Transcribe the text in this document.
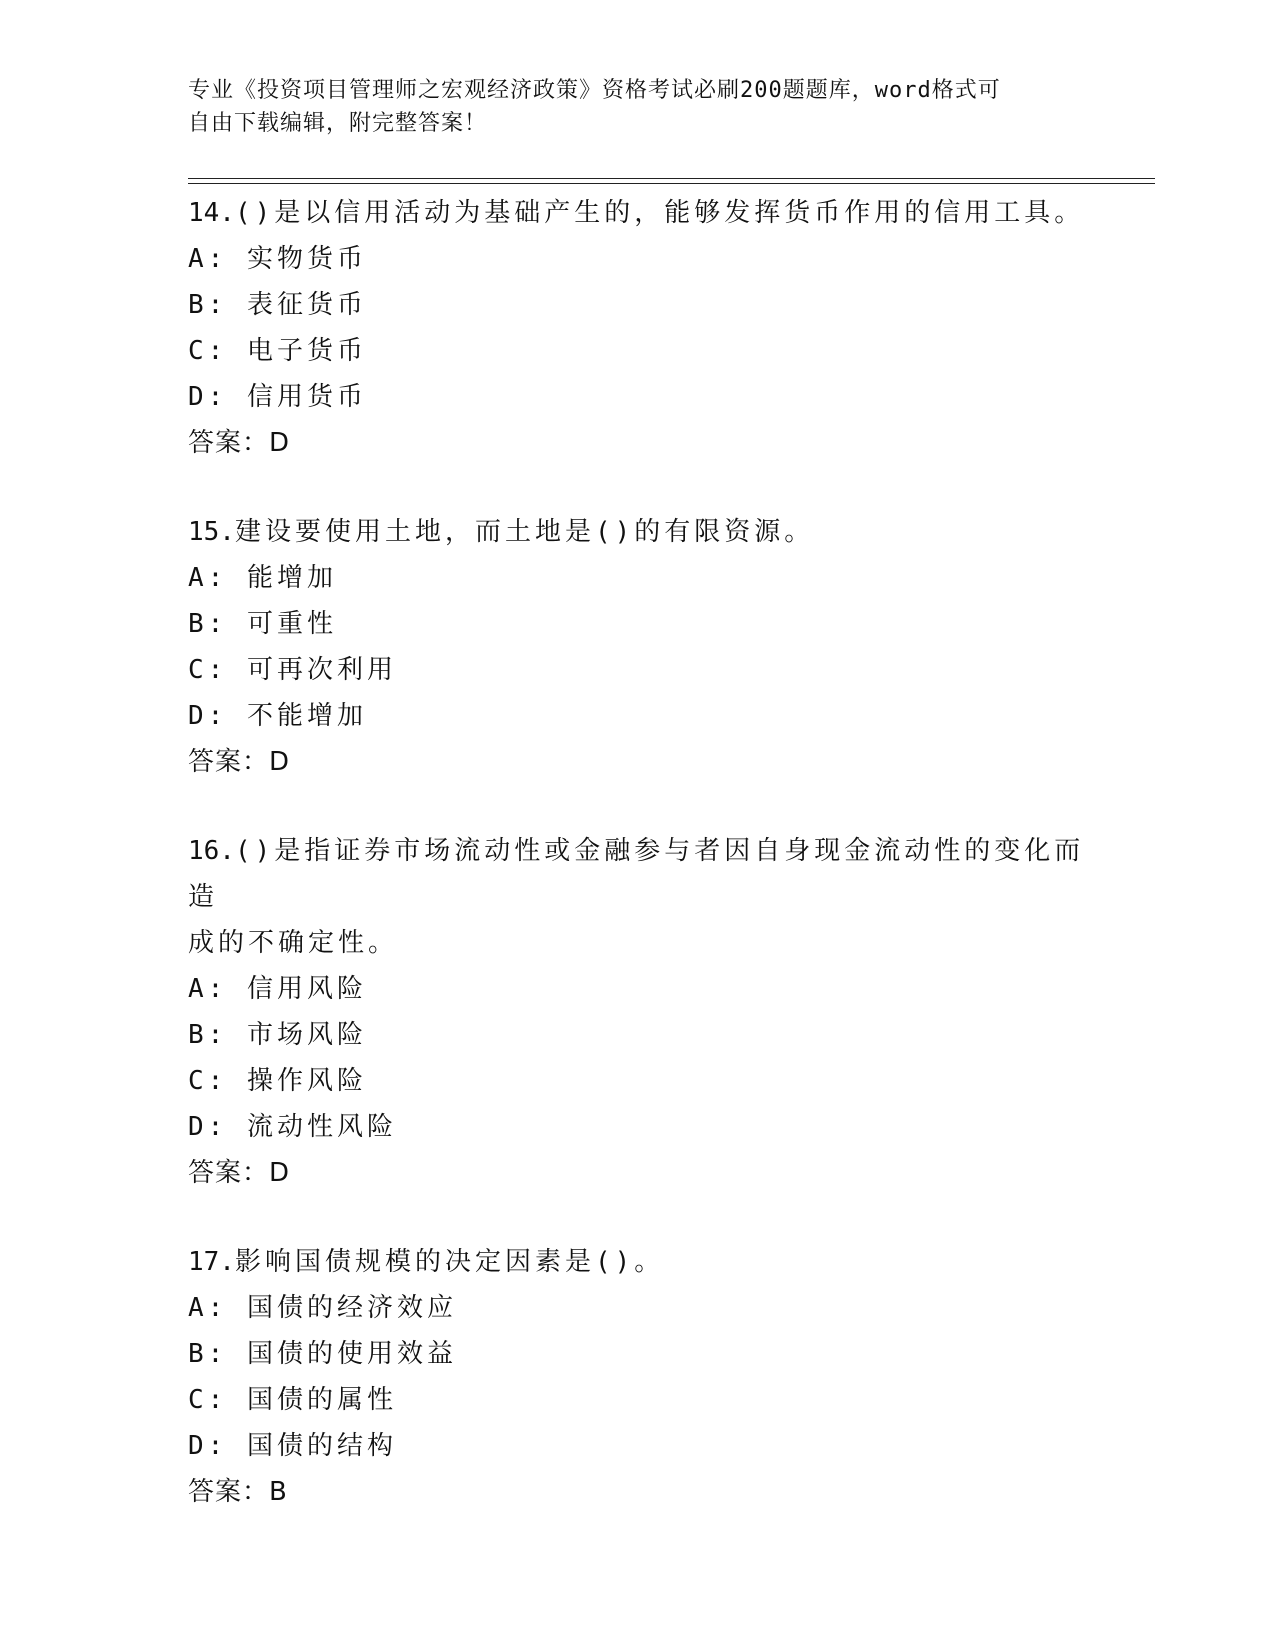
专业《投资项目管理师之宏观经济政策》资格考试必刷200题题库，word格式可
自由下载编辑，附完整答案！
14.()是以信用活动为基础产生的，能够发挥货币作用的信用工具。
A: 实物货币
B: 表征货币
C: 电子货币
D: 信用货币
答案：D
15.建设要使用土地，而土地是()的有限资源。
A: 能增加
B: 可重性
C: 可再次利用
D: 不能增加
答案：D
16.()是指证券市场流动性或金融参与者因自身现金流动性的变化而造
成的不确定性。
A: 信用风险
B: 市场风险
C: 操作风险
D: 流动性风险
答案：D
17.影响国债规模的决定因素是()。
A: 国债的经济效应
B: 国债的使用效益
C: 国债的属性
D: 国债的结构
答案：B
